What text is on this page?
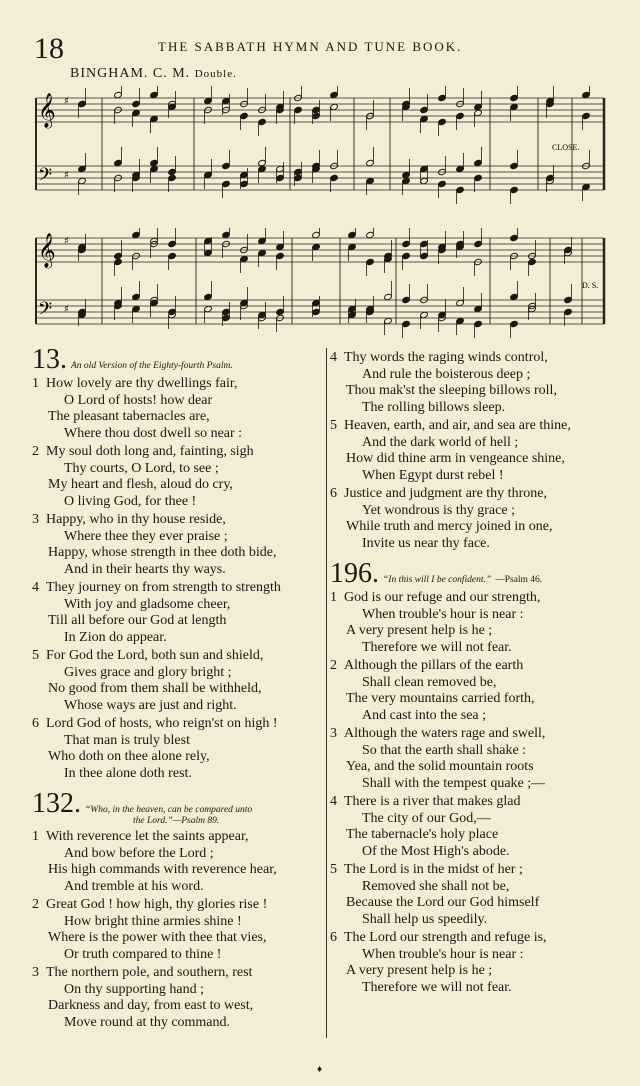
18	THE SABBATH HYMN AND TUNE BOOK.
BINGHAM. C. M. Double.
CLOSE.
𝄞 ♯
𝄢 ♯
D. S.
𝄞 ♯
𝄢 ♯
13. An old Version of the Eighty-fourth Psalm.
1 How lovely are thy dwellings fair,
O Lord of hosts! how dear
The pleasant tabernacles are,
Where thou dost dwell so near :
2 My soul doth long and, fainting, sigh
Thy courts, O Lord, to see ;
My heart and flesh, aloud do cry,
O living God, for thee !
3 Happy, who in thy house reside,
Where thee they ever praise ;
Happy, whose strength in thee doth bide,
And in their hearts thy ways.
4 They journey on from strength to strength
With joy and gladsome cheer,
Till all before our God at length
In Zion do appear.
5 For God the Lord, both sun and shield,
Gives grace and glory bright ;
No good from them shall be withheld,
Whose ways are just and right.
6 Lord God of hosts, who reign'st on high !
That man is truly blest
Who doth on thee alone rely,
In thee alone doth rest.
132. “Who, in the heaven, can be compared unto
the Lord.”—Psalm 89.
1 With reverence let the saints appear,
And bow before the Lord ;
His high commands with reverence hear,
And tremble at his word.
2 Great God ! how high, thy glories rise !
How bright thine armies shine !
Where is the power with thee that vies,
Or truth compared to thine !
3 The northern pole, and southern, rest
On thy supporting hand ;
Darkness and day, from east to west,
Move round at thy command.
4 Thy words the raging winds control,
And rule the boisterous deep ;
Thou mak'st the sleeping billows roll,
The rolling billows sleep.
5 Heaven, earth, and air, and sea are thine,
And the dark world of hell ;
How did thine arm in vengeance shine,
When Egypt durst rebel !
6 Justice and judgment are thy throne,
Yet wondrous is thy grace ;
While truth and mercy joined in one,
Invite us near thy face.
196. “In this will I be confident.” —Psalm 46.
1 God is our refuge and our strength,
When trouble's hour is near :
A very present help is he ;
Therefore we will not fear.
2 Although the pillars of the earth
Shall clean removed be,
The very mountains carried forth,
And cast into the sea ;
3 Although the waters rage and swell,
So that the earth shall shake :
Yea, and the solid mountain roots
Shall with the tempest quake ;—
4 There is a river that makes glad
The city of our God,—
The tabernacle's holy place
Of the Most High's abode.
5 The Lord is in the midst of her ;
Removed she shall not be,
Because the Lord our God himself
Shall help us speedily.
6 The Lord our strength and refuge is,
When trouble's hour is near :
A very present help is he ;
Therefore we will not fear.
♦
